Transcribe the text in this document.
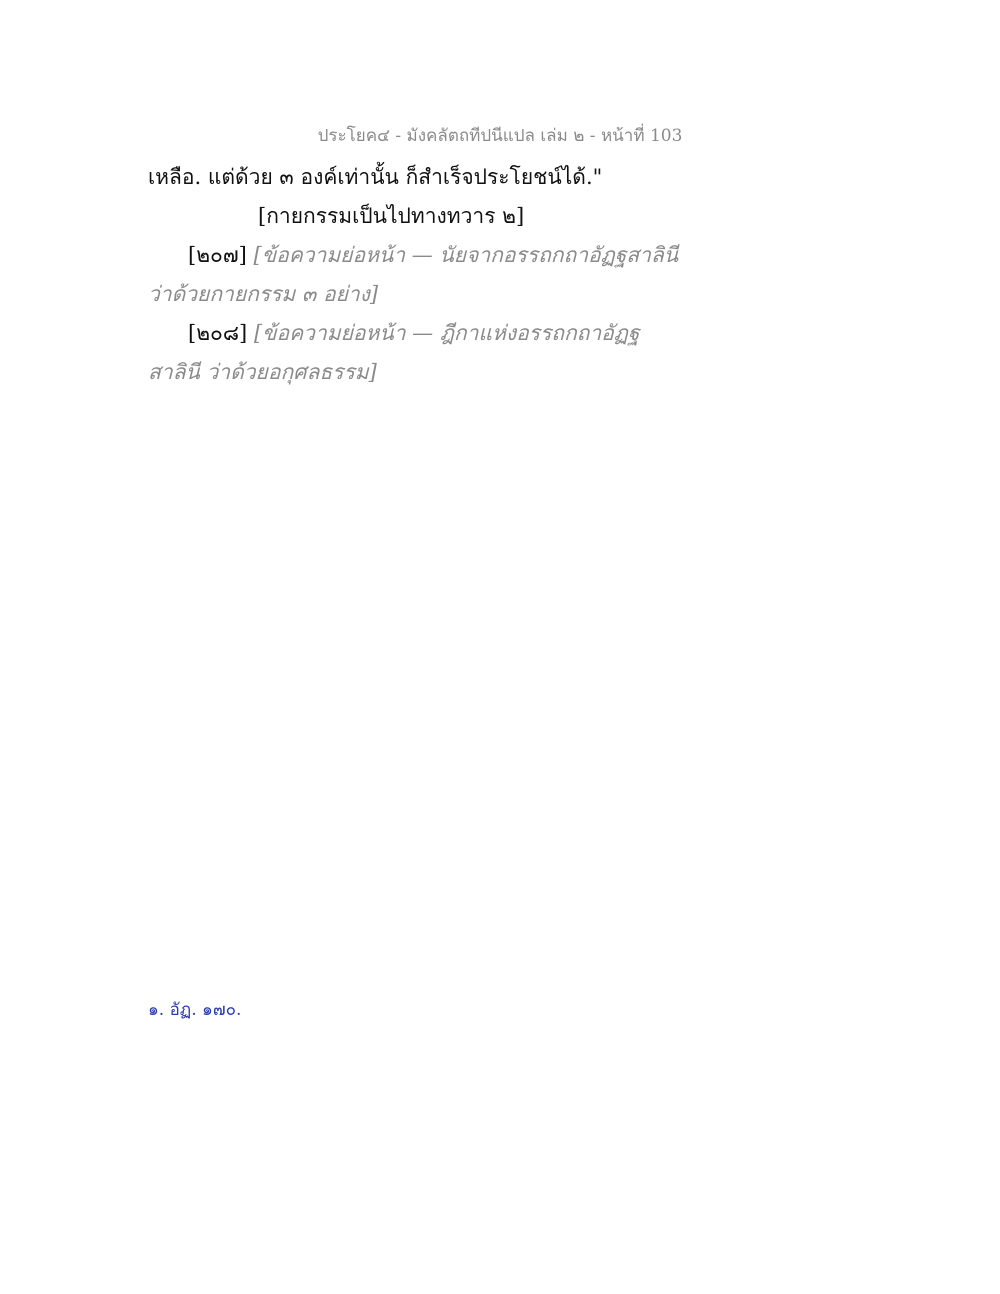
ประโยค๔ - มังคลัตถทีปนีแปล เล่ม ๒ - หน้าที่ 103

เหลือ. แต่ด้วย ๓ องค์เท่านั้น ก็สำเร็จประโยชน์ได้."

[กายกรรมเป็นไปทางทวาร ๒]

[๒๐๗] [ข้อความย่อหน้า — นัยจากอรรถกถาอัฏฐสาลินี ว่าด้วยกายกรรม ๓ อย่าง]

[๒๐๘] [ข้อความย่อหน้า — ฎีกาแห่งอรรถกถาอัฏฐสาลินี ว่าด้วยอกุศลธรรม]

๑. อัฏ. ๑๗๐.
